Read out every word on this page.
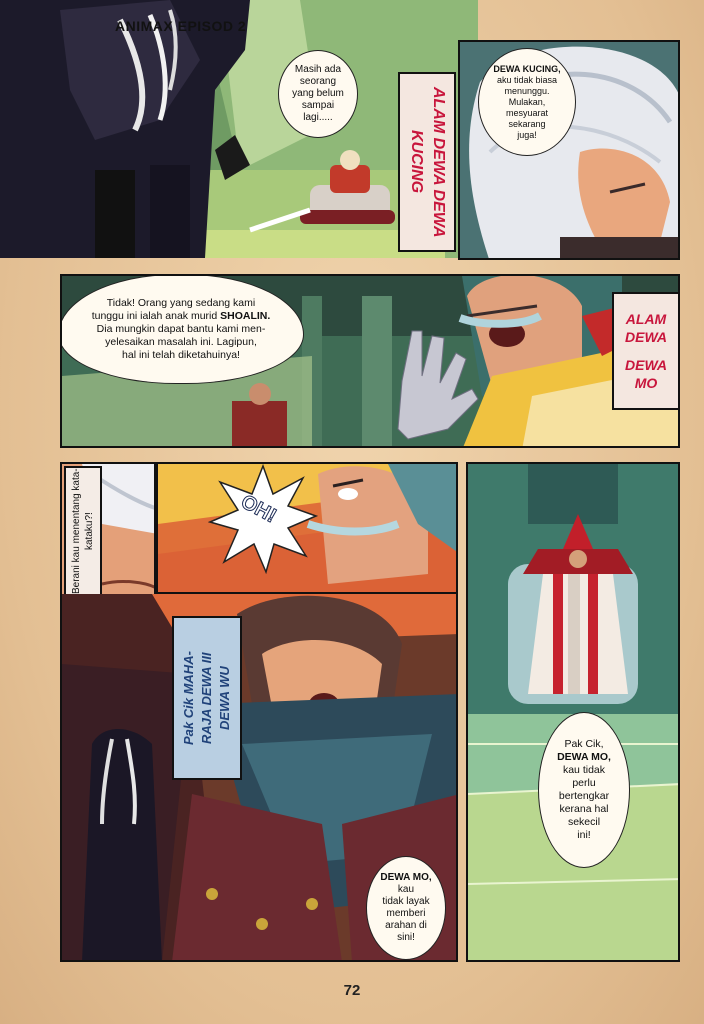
ANIMAX EPISOD 2
Masih ada
seorang
yang belum
sampai
lagi.....	ALAM DEWA DEWA KUCING
DEWA KUCING,
aku tidak biasa
menunggu.
Mulakan,
mesyuarat
sekarang
juga!
Tidak! Orang yang sedang kami
tunggu ini ialah anak murid SHOALIN.
Dia mungkin dapat bantu kami men-
yelesaikan masalah ini. Lagipun,
hal ini telah diketahuinya!
ALAM DEWA
DEWA MO
Berani kau menentang kata-kataku?!
OH!
Pak Cik MAHA- RAJA DEWA III DEWA WU
DEWA MO,
kau
tidak layak
memberi
arahan di
sini!
Pak Cik,
DEWA MO,
kau tidak
perlu
bertengkar
kerana hal
sekecil
ini!
72
